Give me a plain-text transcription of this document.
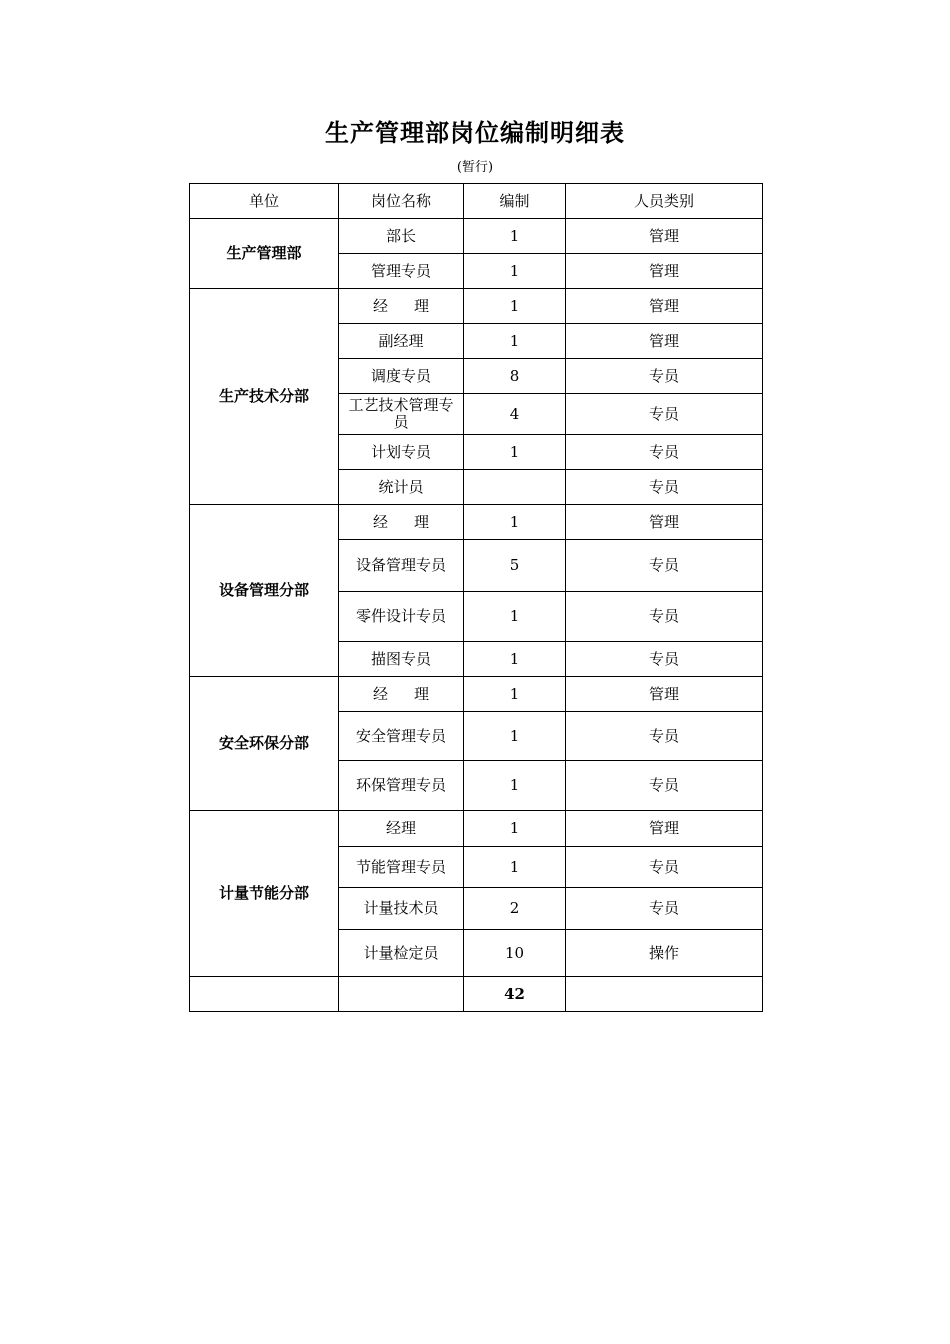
生产管理部岗位编制明细表
(暂行)
单位	岗位名称	编制	人员类别
生产管理部	部长	1	管理
	管理专员	1	管理
生产技术分部	经理	1	管理
	副经理	1	管理
	调度专员	8	专员
	工艺技术管理专员	4	专员
	计划专员	1	专员
	统计员		专员
设备管理分部	经理	1	管理
	设备管理专员	5	专员
	零件设计专员	1	专员
	描图专员	1	专员
安全环保分部	经理	1	管理
	安全管理专员	1	专员
	环保管理专员	1	专员
计量节能分部	经理	1	管理
	节能管理专员	1	专员
	计量技术员	2	专员
	计量检定员	10	操作
		42	
